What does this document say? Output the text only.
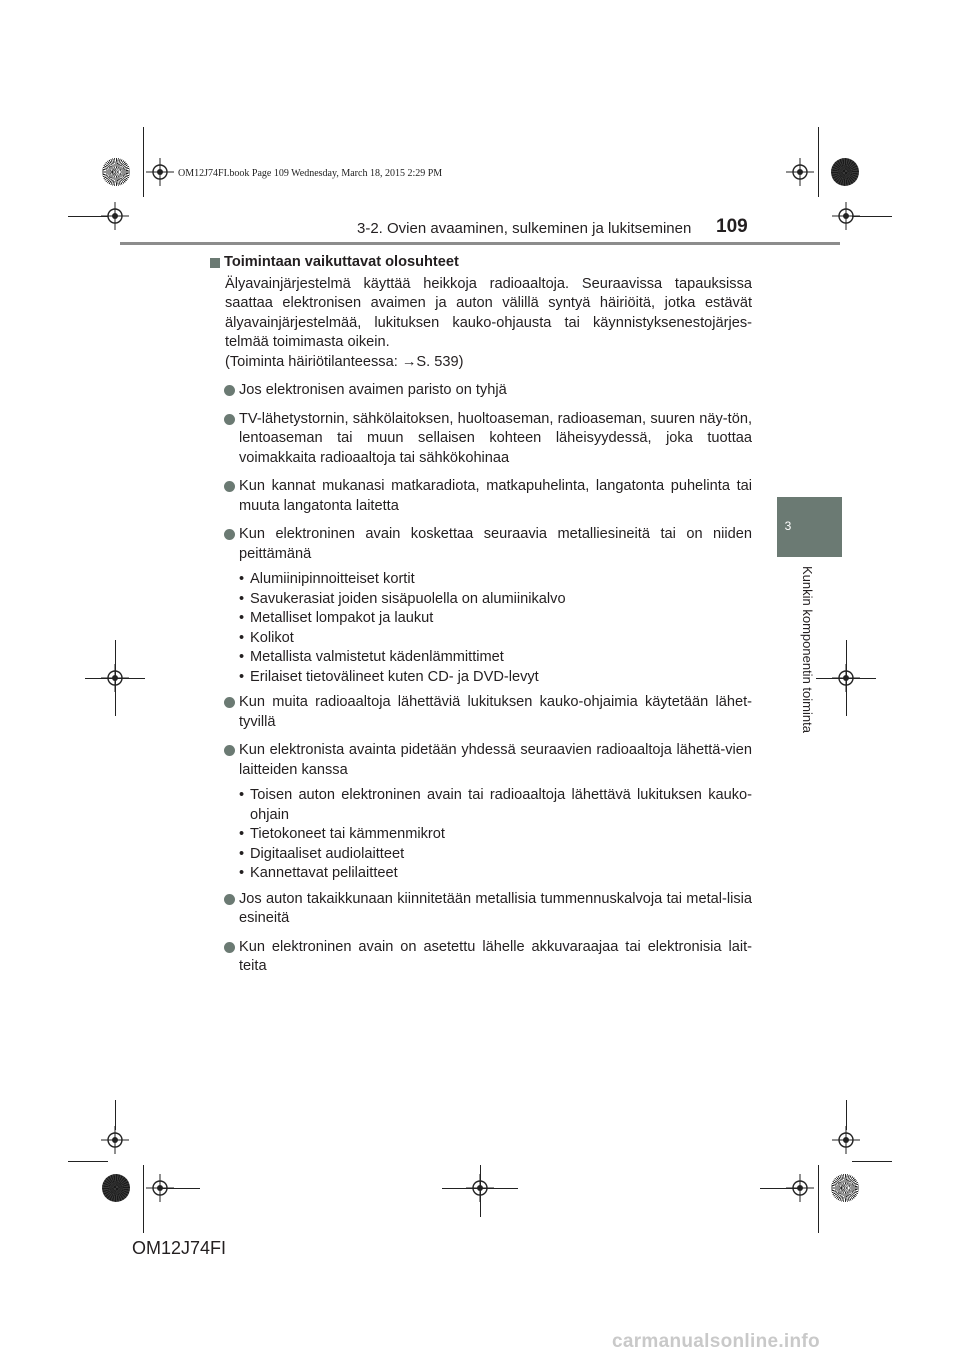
OM12J74FI.book Page 109 Wednesday, March 18, 2015 2:29 PM
3-2. Ovien avaaminen, sulkeminen ja lukitseminen 109
3
Kunkin komponentin toiminta
Toimintaan vaikuttavat olosuhteet
Älyavainjärjestelmä käyttää heikkoja radioaaltoja. Seuraavissa tapauksissa saattaa elektronisen avaimen ja auton välillä syntyä häiriöitä, jotka estävät älyavainjärjestelmää, lukituksen kauko-ohjausta tai käynnistyksenestojärjes-telmää toimimasta oikein.
(Toiminta häiriötilanteessa: →S. 539)
Jos elektronisen avaimen paristo on tyhjä
TV-lähetystornin, sähkölaitoksen, huoltoaseman, radioaseman, suuren näy-tön, lentoaseman tai muun sellaisen kohteen läheisyydessä, joka tuottaa voimakkaita radioaaltoja tai sähkökohinaa
Kun kannat mukanasi matkaradiota, matkapuhelinta, langatonta puhelinta tai muuta langatonta laitetta
Kun elektroninen avain koskettaa seuraavia metalliesineitä tai on niiden peittämänä
• Alumiinipinnoitteiset kortit
• Savukerasiat joiden sisäpuolella on alumiinikalvo
• Metalliset lompakot ja laukut
• Kolikot
• Metallista valmistetut kädenlämmittimet
• Erilaiset tietovälineet kuten CD- ja DVD-levyt
Kun muita radioaaltoja lähettäviä lukituksen kauko-ohjaimia käytetään lähet-tyvillä
Kun elektronista avainta pidetään yhdessä seuraavien radioaaltoja lähettä-vien laitteiden kanssa
• Toisen auton elektroninen avain tai radioaaltoja lähettävä lukituksen kauko-ohjain
• Tietokoneet tai kämmenmikrot
• Digitaaliset audiolaitteet
• Kannettavat pelilaitteet
Jos auton takaikkunaan kiinnitetään metallisia tummennuskalvoja tai metal-lisia esineitä
Kun elektroninen avain on asetettu lähelle akkuvaraajaa tai elektronisia lait-teita
OM12J74FI
carmanualsonline.info
